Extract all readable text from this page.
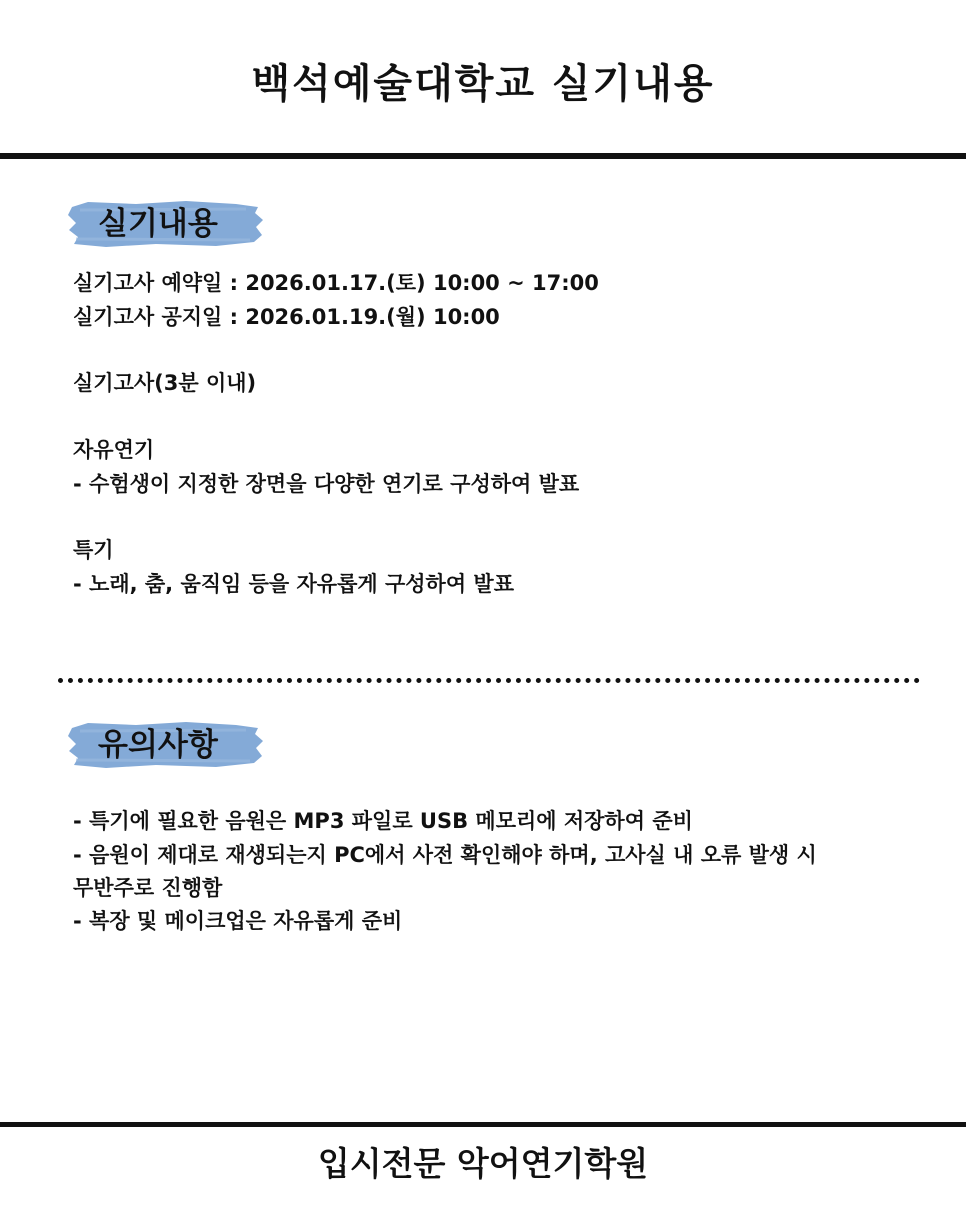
백석예술대학교 실기내용
실기내용

실기고사 예약일 : 2026.01.17.(토) 10:00 ~ 17:00

실기고사 공지일 : 2026.01.19.(월) 10:00

실기고사(3분 이내)

자유연기

- 수험생이 지정한 장면을 다양한 연기로 구성하여 발표

특기

- 노래, 춤, 움직임 등을 자유롭게 구성하여 발표

유의사항

- 특기에 필요한 음원은 MP3 파일로 USB 메모리에 저장하여 준비

- 음원이 제대로 재생되는지 PC에서 사전 확인해야 하며, 고사실 내 오류 발생 시

무반주로 진행함

- 복장 및 메이크업은 자유롭게 준비

입시전문 악어연기학원
